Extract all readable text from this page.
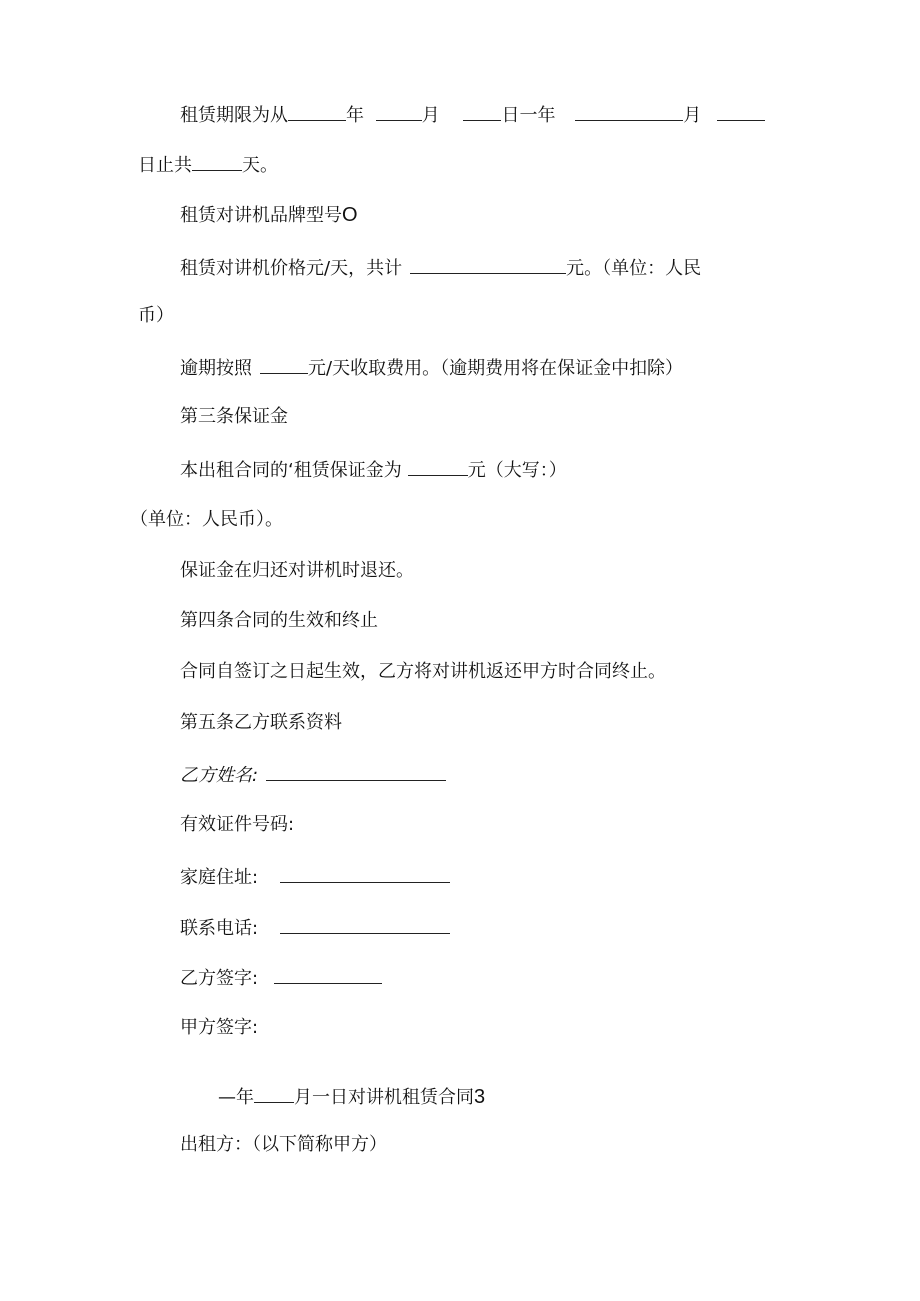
租赁期限为从	年	月	日一年	月
日止共	天。
租赁对讲机品牌型号O
租赁对讲机价格元/天，共计	元。（单位：人民
币）
逾期按照	元/天收取费用。（逾期费用将在保证金中扣除）
第三条保证金
本出租合同的‘租赁保证金为	元（大写：）
（单位：人民币）。
保证金在归还对讲机时退还。
第四条合同的生效和终止
合同自签订之日起生效，乙方将对讲机返还甲方时合同终止。
第五条乙方联系资料
乙方姓名:
有效证件号码:
家庭住址:
联系电话:
乙方签字:
甲方签字:
—年 月一日对讲机租赁合同3
出租方：（以下简称甲方）
